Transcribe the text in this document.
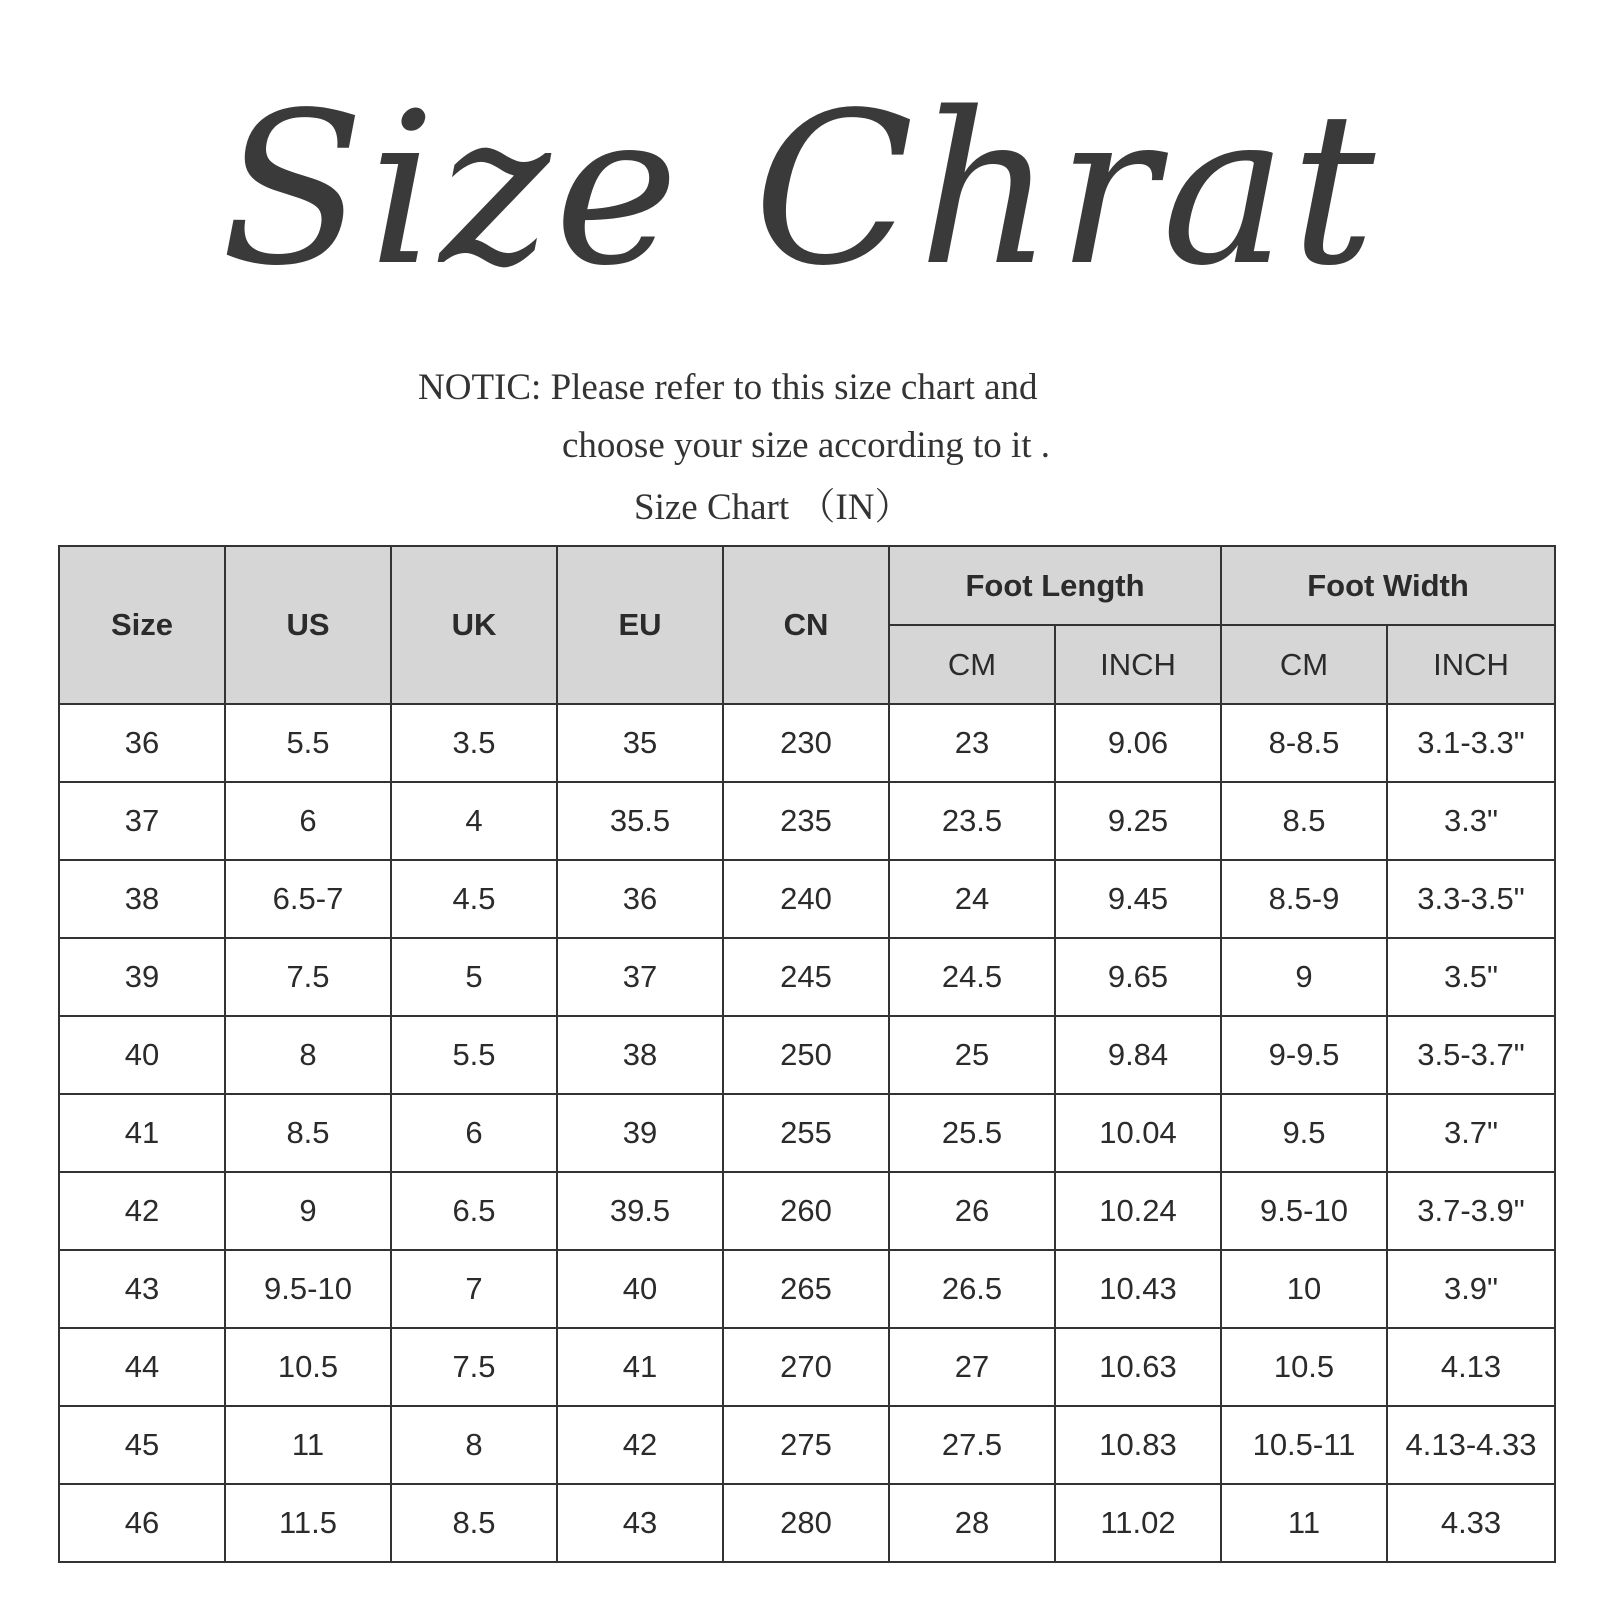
Size Chrat
NOTIC: Please refer to this size chart and
choose your size according to it .
Size Chart （IN）
Size	US	UK	EU	CN	Foot Length		Foot Width	
					CM	INCH	CM	INCH
36	5.5	3.5	35	230	23	9.06	8-8.5	3.1-3.3"
37	6	4	35.5	235	23.5	9.25	8.5	3.3"
38	6.5-7	4.5	36	240	24	9.45	8.5-9	3.3-3.5"
39	7.5	5	37	245	24.5	9.65	9	3.5"
40	8	5.5	38	250	25	9.84	9-9.5	3.5-3.7"
41	8.5	6	39	255	25.5	10.04	9.5	3.7"
42	9	6.5	39.5	260	26	10.24	9.5-10	3.7-3.9"
43	9.5-10	7	40	265	26.5	10.43	10	3.9"
44	10.5	7.5	41	270	27	10.63	10.5	4.13
45	11	8	42	275	27.5	10.83	10.5-11	4.13-4.33
46	11.5	8.5	43	280	28	11.02	11	4.33
